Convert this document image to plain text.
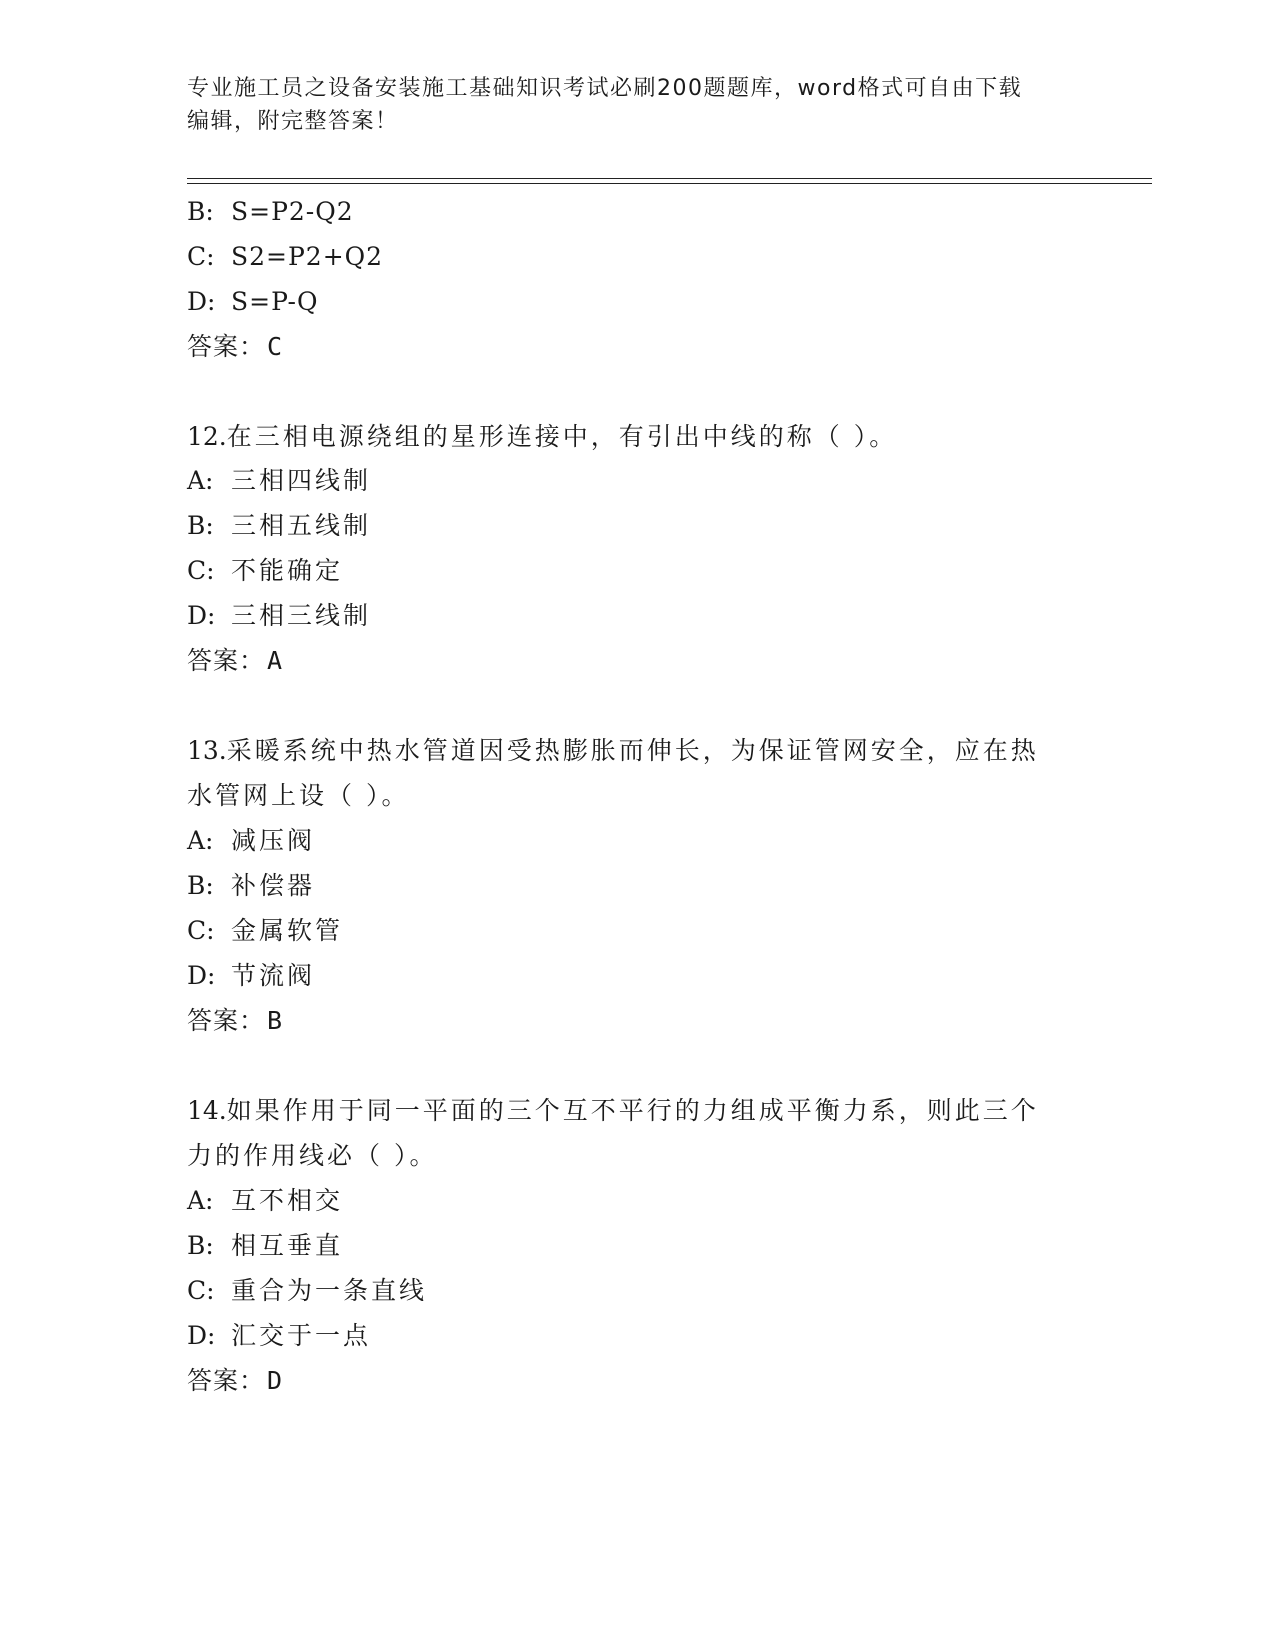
专业施工员之设备安装施工基础知识考试必刷200题题库，word格式可自由下载
编辑，附完整答案！
B: S=P2-Q2
C: S2=P2+Q2
D: S=P-Q
答案：C
12.在三相电源绕组的星形连接中，有引出中线的称（ ）。
A: 三相四线制
B: 三相五线制
C: 不能确定
D: 三相三线制
答案：A
13.采暖系统中热水管道因受热膨胀而伸长，为保证管网安全，应在热
水管网上设（ ）。
A: 减压阀
B: 补偿器
C: 金属软管
D: 节流阀
答案：B
14.如果作用于同一平面的三个互不平行的力组成平衡力系，则此三个
力的作用线必（ ）。
A: 互不相交
B: 相互垂直
C: 重合为一条直线
D: 汇交于一点
答案：D
